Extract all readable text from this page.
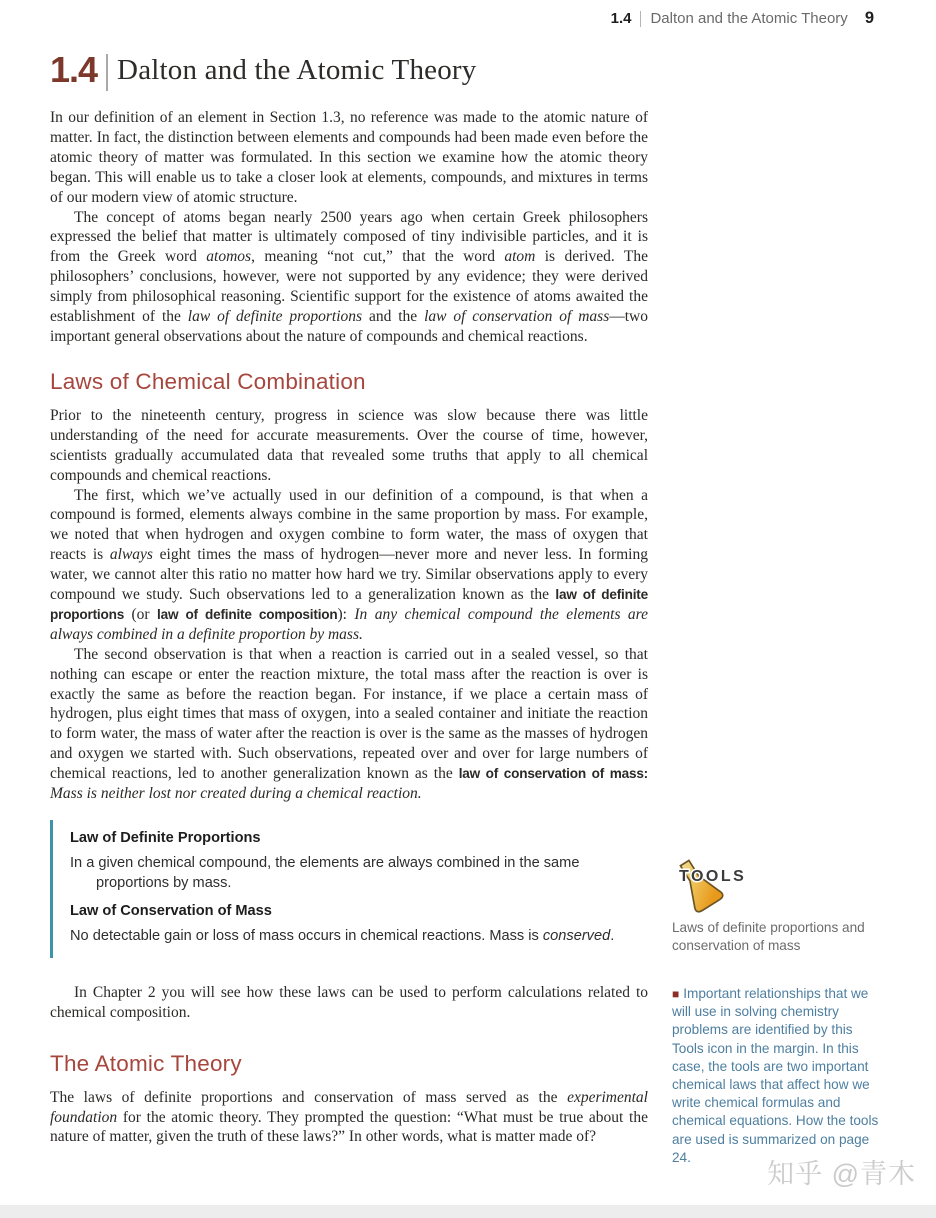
1.4 Dalton and the Atomic Theory 9
1.4 Dalton and the Atomic Theory

In our definition of an element in Section 1.3, no reference was made to the atomic nature of matter. In fact, the distinction between elements and compounds had been made even before the atomic theory of matter was formulated. In this section we examine how the atomic theory began. This will enable us to take a closer look at elements, compounds, and mixtures in terms of our modern view of atomic structure.

The concept of atoms began nearly 2500 years ago when certain Greek philosophers expressed the belief that matter is ultimately composed of tiny indivisible particles, and it is from the Greek word atomos, meaning “not cut,” that the word atom is derived. The philosophers’ conclusions, however, were not supported by any evidence; they were derived simply from philosophical reasoning. Scientific support for the existence of atoms awaited the establishment of the law of definite proportions and the law of conservation of mass—two important general observations about the nature of compounds and chemical reactions.

Laws of Chemical Combination

Prior to the nineteenth century, progress in science was slow because there was little understanding of the need for accurate measurements. Over the course of time, however, scientists gradually accumulated data that revealed some truths that apply to all chemical compounds and chemical reactions.

The first, which we’ve actually used in our definition of a compound, is that when a compound is formed, elements always combine in the same proportion by mass. For example, we noted that when hydrogen and oxygen combine to form water, the mass of oxygen that reacts is always eight times the mass of hydrogen—never more and never less. In forming water, we cannot alter this ratio no matter how hard we try. Similar observations apply to every compound we study. Such observations led to a generalization known as the law of definite proportions (or law of definite composition): In any chemical compound the elements are always combined in a definite proportion by mass.

The second observation is that when a reaction is carried out in a sealed vessel, so that nothing can escape or enter the reaction mixture, the total mass after the reaction is over is exactly the same as before the reaction began. For instance, if we place a certain mass of hydrogen, plus eight times that mass of oxygen, into a sealed container and initiate the reaction to form water, the mass of water after the reaction is over is the same as the masses of hydrogen and oxygen we started with. Such observations, repeated over and over for large numbers of chemical reactions, led to another generalization known as the law of conservation of mass: Mass is neither lost nor created during a chemical reaction.

Law of Definite Proportions

In a given chemical compound, the elements are always combined in the same proportions by mass.

Law of Conservation of Mass

No detectable gain or loss of mass occurs in chemical reactions. Mass is conserved.

In Chapter 2 you will see how these laws can be used to perform calculations related to chemical composition.

The Atomic Theory

The laws of definite proportions and conservation of mass served as the experimental foundation for the atomic theory. They prompted the question: “What must be true about the nature of matter, given the truth of these laws?” In other words, what is matter made of?

TOOLS

Laws of definite proportions and conservation of mass

■ Important relationships that we will use in solving chemistry problems are identified by this Tools icon in the margin. In this case, the tools are two important chemical laws that affect how we write chemical formulas and chemical equations. How the tools are used is summarized on page 24.

知乎 @青木
